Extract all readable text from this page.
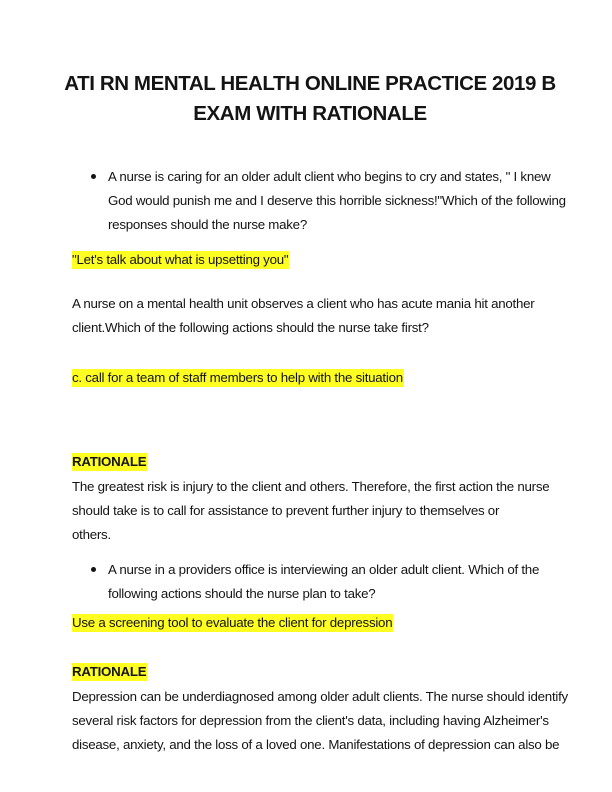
ATI RN MENTAL HEALTH ONLINE PRACTICE 2019 B
EXAM WITH RATIONALE
A nurse is caring for an older adult client who begins to cry and states, " I knew
God would punish me and I deserve this horrible sickness!"Which of the following
responses should the nurse make?
"Let's talk about what is upsetting you"
A nurse on a mental health unit observes a client who has acute mania hit another
client.Which of the following actions should the nurse take first?
c. call for a team of staff members to help with the situation
RATIONALE
The greatest risk is injury to the client and others. Therefore, the first action the nurse
should take is to call for assistance to prevent further injury to themselves or
others.
A nurse in a providers office is interviewing an older adult client. Which of the
following actions should the nurse plan to take?
Use a screening tool to evaluate the client for depression
RATIONALE
Depression can be underdiagnosed among older adult clients. The nurse should identify
several risk factors for depression from the client's data, including having Alzheimer's
disease, anxiety, and the loss of a loved one. Manifestations of depression can also be
